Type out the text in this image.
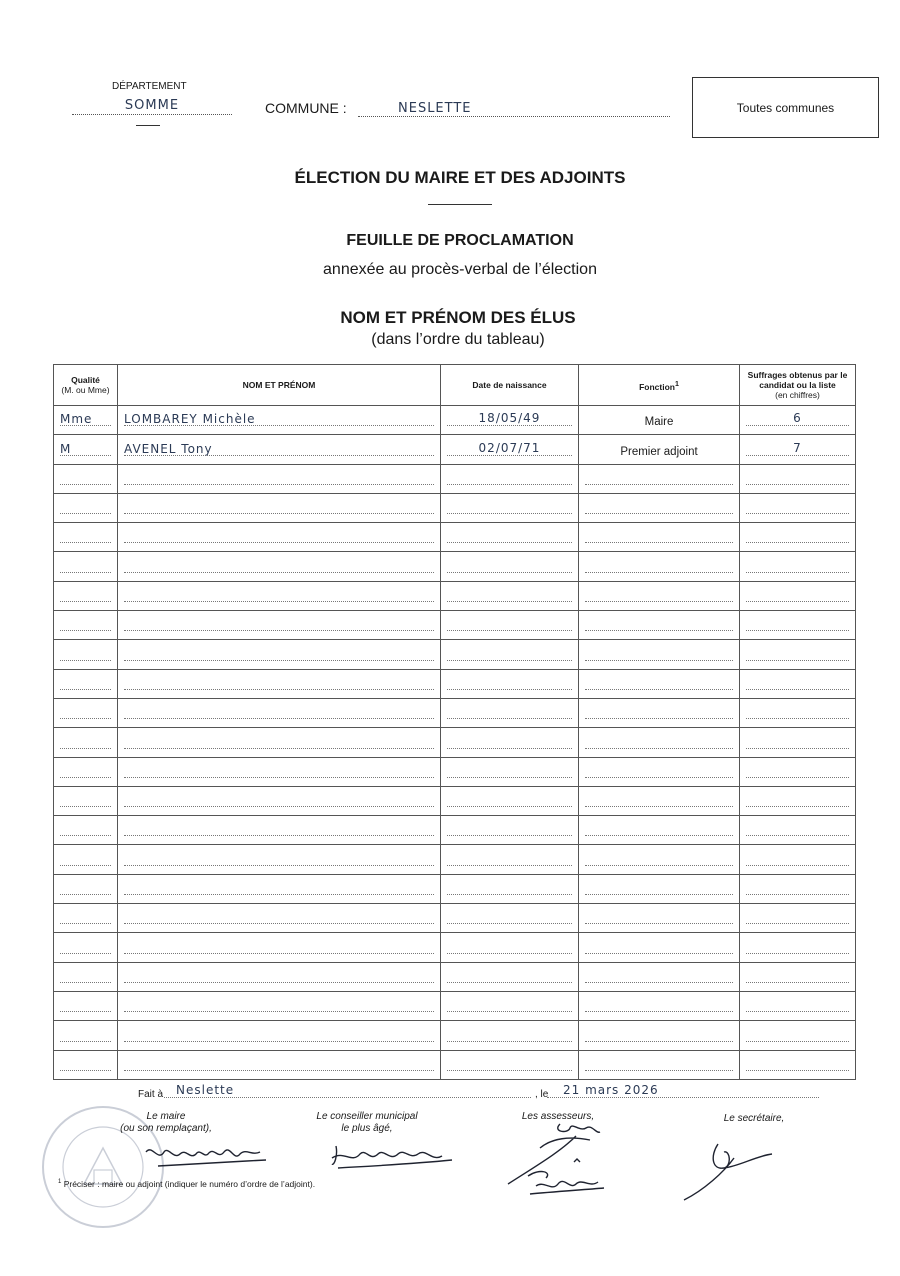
DÉPARTEMENT
SOMME	COMMUNE :	NESLETTE	Toutes communes
ÉLECTION DU MAIRE ET DES ADJOINTS
FEUILLE DE PROCLAMATION
annexée au procès-verbal de l’élection
NOM ET PRÉNOM DES ÉLUS
(dans l’ordre du tableau)
Qualité
(M. ou Mme)	NOM ET PRÉNOM	Date de naissance	Fonction$^1$	Suffrages obtenus par le candidat ou la liste
(en chiffres)

Mme	LOMBAREY Michèle	18/05/49	Maire	6

M	AVENEL Tony	02/07/71	Premier adjoint	7

Fait à	Neslette	, le	21 mars 2026
Le maire
(ou son remplaçant),
Le conseiller municipal
le plus âgé,
Les assesseurs,	Le secrétaire,
$^1$ Préciser : maire ou adjoint (indiquer le numéro d’ordre de l’adjoint).
